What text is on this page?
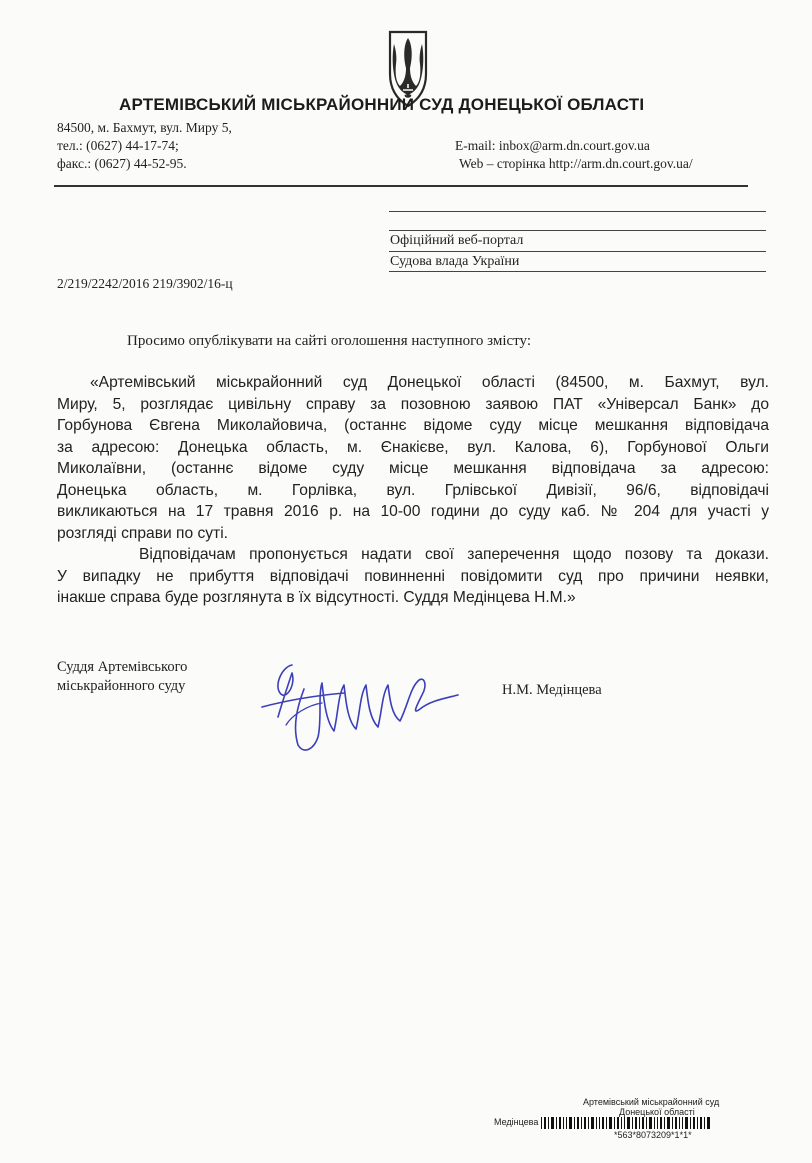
АРТЕМІВСЬКИЙ МІСЬКРАЙОННИЙ СУД ДОНЕЦЬКОЇ ОБЛАСТІ
84500, м. Бахмут, вул. Миру 5,
тел.: (0627) 44-17-74;
факс.: (0627) 44-52-95.
E-mail: inbox@arm.dn.court.gov.ua
Web – сторінка http://arm.dn.court.gov.ua/
Офіційний веб-портал
Судова влада України
2/219/2242/2016 219/3902/16-ц
Просимо опублікувати на сайті оголошення наступного змісту:
«Артемівський міськрайонний суд Донецької області (84500, м. Бахмут, вул.
Миру, 5, розглядає цивільну справу за позовною заявою ПАТ «Універсал Банк» до
Горбунова Євгена Миколайовича, (останнє відоме суду місце мешкання відповідача
за адресою: Донецька область, м. Єнакієве, вул. Калова, 6), Горбунової Ольги
Миколаївни, (останнє відоме суду місце мешкання відповідача за адресою:
Донецька область, м. Горлівка, вул. Грлівської Дивізії, 96/6, відповідачі
викликаються на 17 травня 2016 р. на 10-00 години до суду каб. № 204 для участі у
розгляді справи по суті.
Відповідачам пропонується надати свої заперечення щодо позову та докази.
У випадку не прибуття відповідачі повинненні повідомити суд про причини неявки,
інакше справа буде розглянута в їх відсутності. Суддя Медінцева Н.М.»
Суддя Артемівського
міськрайонного суду	Н.М. Медінцева
Артемівський міськрайонний суд
Донецької області
Медінцева
*563*8073209*1*1*
